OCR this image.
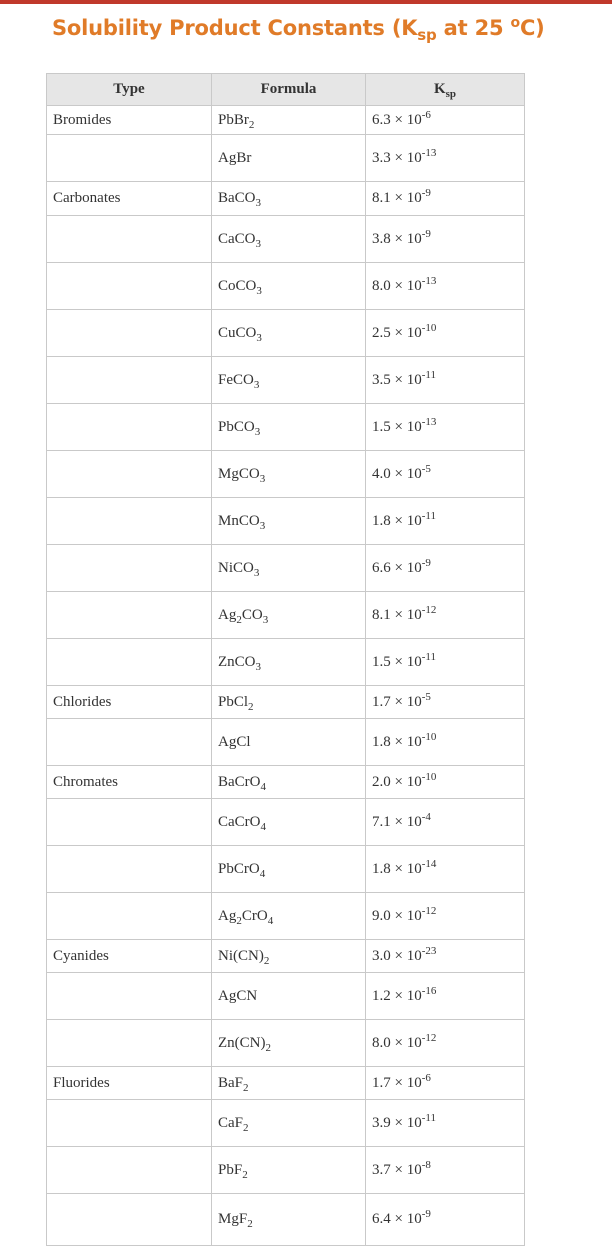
Solubility Product Constants ($K_{sp}$ at 25 $^o$C)
Type	Formula	$K_{sp}$
Bromides	PbBr$_2$	$6.3 \times 10^{-6}$
	AgBr	$3.3 \times 10^{-13}$
Carbonates	BaCO$_3$	$8.1 \times 10^{-9}$
	CaCO$_3$	$3.8 \times 10^{-9}$
	CoCO$_3$	$8.0 \times 10^{-13}$
	CuCO$_3$	$2.5 \times 10^{-10}$
	FeCO$_3$	$3.5 \times 10^{-11}$
	PbCO$_3$	$1.5 \times 10^{-13}$
	MgCO$_3$	$4.0 \times 10^{-5}$
	MnCO$_3$	$1.8 \times 10^{-11}$
	NiCO$_3$	$6.6 \times 10^{-9}$
	$Ag_2CO_3$	$8.1 \times 10^{-12}$
	ZnCO$_3$	$1.5 \times 10^{-11}$
Chlorides	PbCl$_2$	$1.7 \times 10^{-5}$
	AgCl	$1.8 \times 10^{-10}$
Chromates	BaCrO$_4$	$2.0 \times 10^{-10}$
	CaCrO$_4$	$7.1 \times 10^{-4}$
	PbCrO$_4$	$1.8 \times 10^{-14}$
	$Ag_2CrO_4$	$9.0 \times 10^{-12}$
Cyanides	$Ni(CN)_2$	$3.0 \times 10^{-23}$
	AgCN	$1.2 \times 10^{-16}$
	$Zn(CN)_2$	$8.0 \times 10^{-12}$
Fluorides	BaF$_2$	$1.7 \times 10^{-6}$
	CaF$_2$	$3.9 \times 10^{-11}$
	PbF$_2$	$3.7 \times 10^{-8}$
	MgF$_2$	$6.4 \times 10^{-9}$
